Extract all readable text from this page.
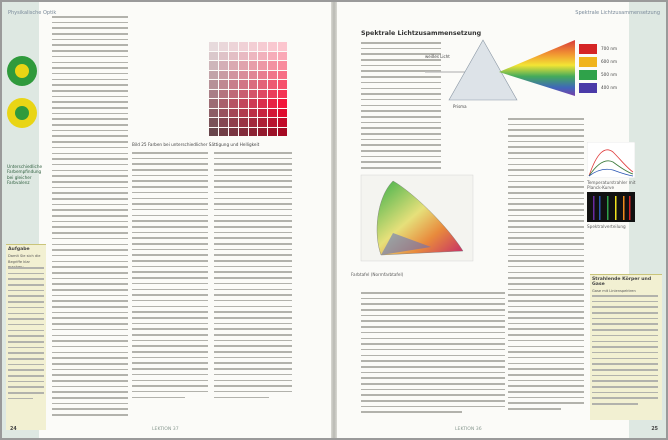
Physikalische Optik
Unterschiedliche Farbempfindung bei gleicher Farbvalenz
Aufgabe
Damit Sie sich die Begriffe klar
Bild 25 Farben bei unterschiedlicher Sättigung und Helligkeit
24	LEKTION 37
Spektrale Lichtzusammensetzung
Spektrale Lichtzusammensetzung
weißes Licht
Prisma
700 nm
600 nm
500 nm
400 nm
Farbtafel (Normfarbtafel)
Temperaturstrahler mit Planck-Kurve
Spektralverteilung
Strahlende Körper und Gase
Gase mit Linienspektren
LEKTION 36	25
